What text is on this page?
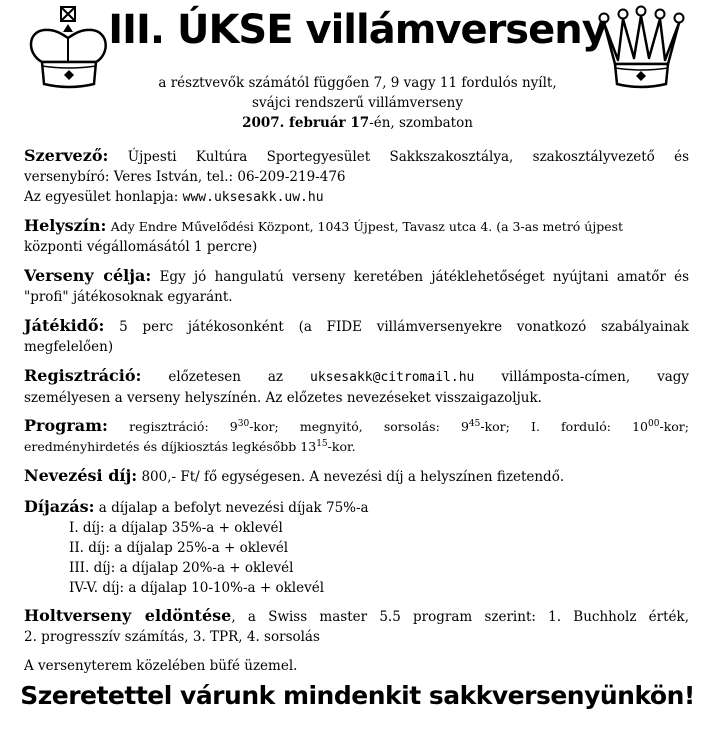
III. ÚKSE villámverseny
a résztvevők számától függően 7, 9 vagy 11 fordulós nyílt,
svájci rendszerű villámverseny
2007. február 17-én, szombaton
Szervező: Újpesti Kultúra Sportegyesület Sakkszakosztálya, szakosztályvezető és
versenybíró: Veres István, tel.: 06-209-219-476
Az egyesület honlapja: www.uksesakk.uw.hu
Helyszín: Ady Endre Művelődési Központ, 1043 Újpest, Tavasz utca 4. (a 3-as metró újpest
központi végállomásától 1 percre)
Verseny célja: Egy jó hangulatú verseny keretében játéklehetőséget nyújtani amatőr és
"profi" játékosoknak egyaránt.
Játékidő: 5 perc játékosonként (a FIDE villámversenyekre vonatkozó szabályainak
megfelelően)
Regisztráció: előzetesen az uksesakk@citromail.hu villámposta-címen, vagy
személyesen a verseny helyszínén. Az előzetes nevezéseket visszaigazoljuk.
Program: regisztráció: $9^{30}$-kor; megnyitó, sorsolás: $9^{45}$-kor; I. forduló: $10^{00}$-kor;
eredményhirdetés és díjkiosztás legkésőbb $13^{15}$-kor.
Nevezési díj: 800,- Ft/ fő egységesen. A nevezési díj a helyszínen fizetendő.
Díjazás: a díjalap a befolyt nevezési díjak 75%-a
I. díj: a díjalap 35%-a + oklevél
II. díj: a díjalap 25%-a + oklevél
III. díj: a díjalap 20%-a + oklevél
IV-V. díj: a díjalap 10-10%-a + oklevél
Holtverseny eldöntése, a Swiss master 5.5 program szerint: 1. Buchholz érték,
2. progresszív számítás, 3. TPR, 4. sorsolás
A versenyterem közelében büfé üzemel.
Szeretettel várunk mindenkit sakkversenyünkön!
